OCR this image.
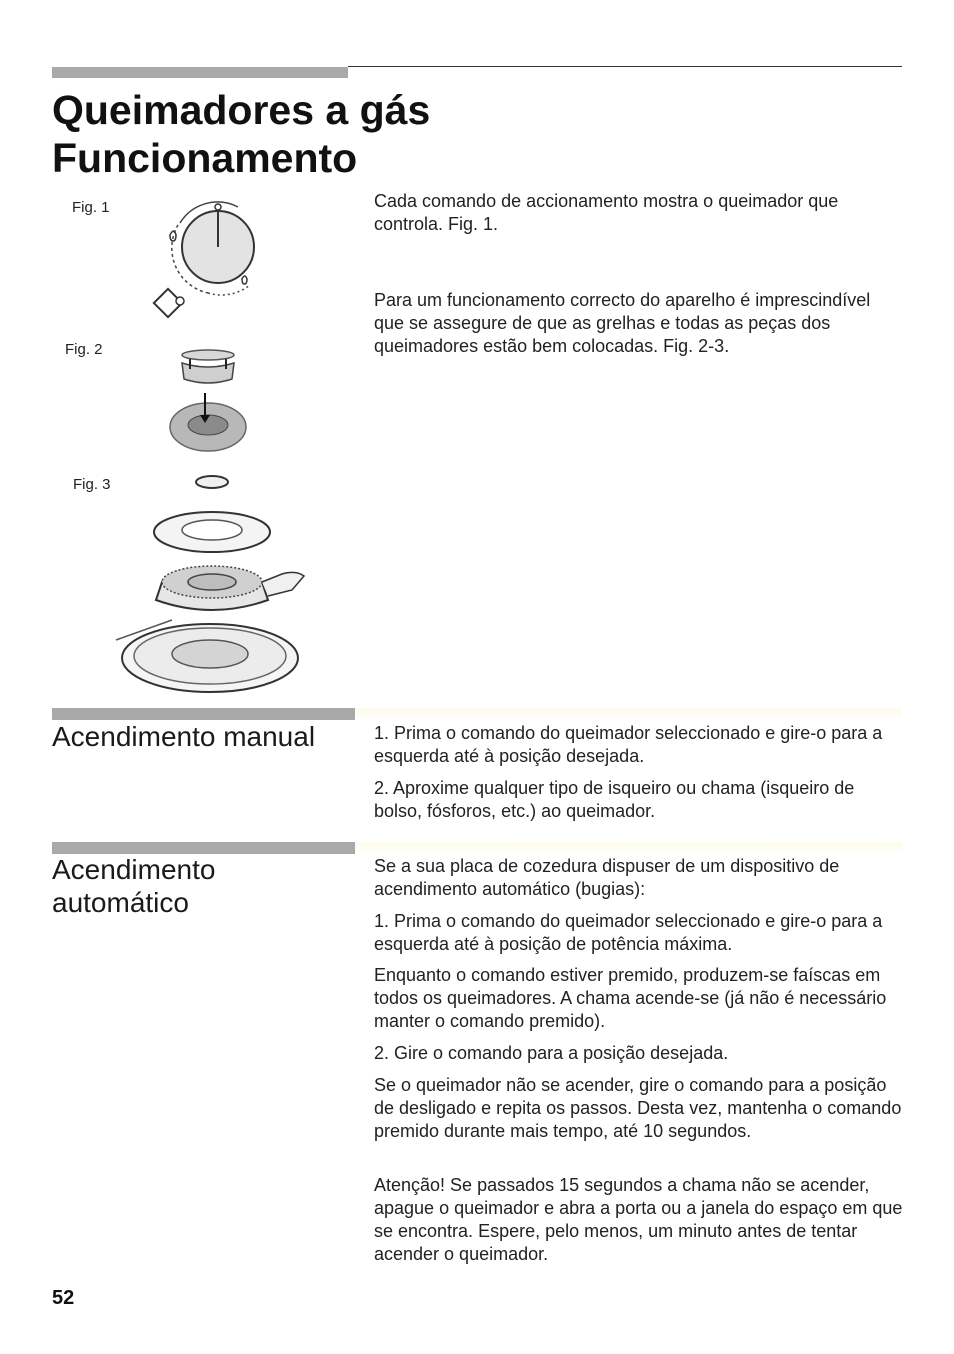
Queimadores a gás
Funcionamento
Fig. 1
Fig. 2
Fig. 3

Cada comando de accionamento mostra o queimador que controla. Fig. 1.

Para um funcionamento correcto do aparelho é imprescindível que se assegure de que as grelhas e todas as peças dos queimadores estão bem colocadas. Fig. 2-3.

Acendimento manual	1. Prima o comando do queimador seleccionado e gire-o para a esquerda até à posição desejada.

2. Aproxime qualquer tipo de isqueiro ou chama (isqueiro de bolso, fósforos, etc.) ao queimador.

Acendimento
automático

Se a sua placa de cozedura dispuser de um dispositivo de acendimento automático (bugias):

1. Prima o comando do queimador seleccionado e gire-o para a esquerda até à posição de potência máxima.

Enquanto o comando estiver premido, produzem-se faíscas em todos os queimadores. A chama acende-se (já não é necessário manter o comando premido).

2. Gire o comando para a posição desejada.

Se o queimador não se acender, gire o comando para a posição de desligado e repita os passos. Desta vez, mantenha o comando premido durante mais tempo, até 10 segundos.

Atenção! Se passados 15 segundos a chama não se acender, apague o queimador e abra a porta ou a janela do espaço em que se encontra. Espere, pelo menos, um minuto antes de tentar acender o queimador.

52
